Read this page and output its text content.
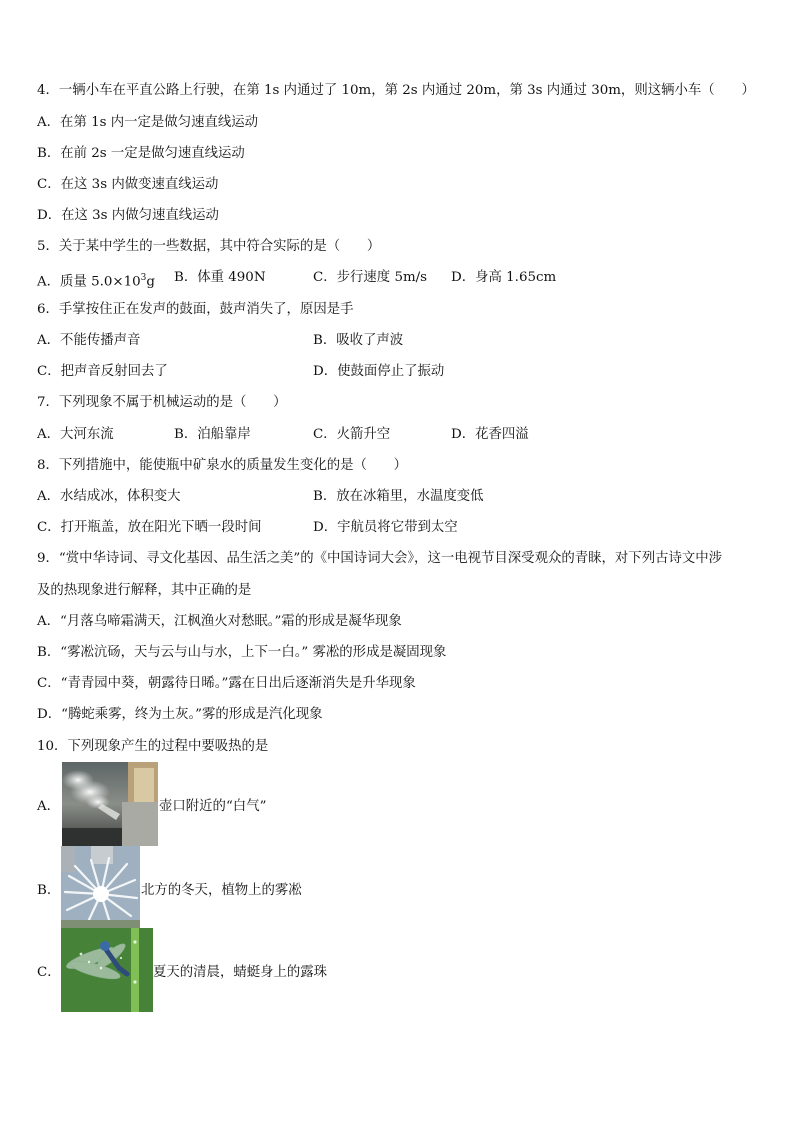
4．一辆小车在平直公路上行驶，在第 1s 内通过了 10m，第 2s 内通过 20m，第 3s 内通过 30m，则这辆小车（　　）
A．在第 1s 内一定是做匀速直线运动
B．在前 2s 一定是做匀速直线运动
C．在这 3s 内做变速直线运动
D．在这 3s 内做匀速直线运动
5．关于某中学生的一些数据，其中符合实际的是（　　）
A．质量 $5.0\times 10^3g$ B．体重 490N	C．步行速度 5m/s D．身高 1.65cm
6．手掌按住正在发声的鼓面，鼓声消失了，原因是手
A．不能传播声音	B．吸收了声波
C．把声音反射回去了	D．使鼓面停止了振动
7．下列现象不属于机械运动的是（　　）
A．大河东流	B．泊船靠岸	C．火箭升空	D．花香四溢
8．下列措施中，能使瓶中矿泉水的质量发生变化的是（　　）
A．水结成冰，体积变大	B．放在冰箱里，水温度变低
C．打开瓶盖，放在阳光下晒一段时间	D．宇航员将它带到太空
9．“赏中华诗词、寻文化基因、品生活之美”的《中国诗词大会》，这一电视节目深受观众的青睐，对下列古诗文中涉
及的热现象进行解释，其中正确的是
A．“月落乌啼霜满天，江枫渔火对愁眠。”霜的形成是凝华现象
B．“雾凇沆砀，天与云与山与水，上下一白。” 雾凇的形成是凝固现象
C．“青青园中葵，朝露待日晞。”露在日出后逐渐消失是升华现象
D．“腾蛇乘雾，终为土灰。”雾的形成是汽化现象
10．下列现象产生的过程中要吸热的是
A．	壶口附近的“白气”
B．	北方的冬天，植物上的雾凇
C．	夏天的清晨，蜻蜓身上的露珠
